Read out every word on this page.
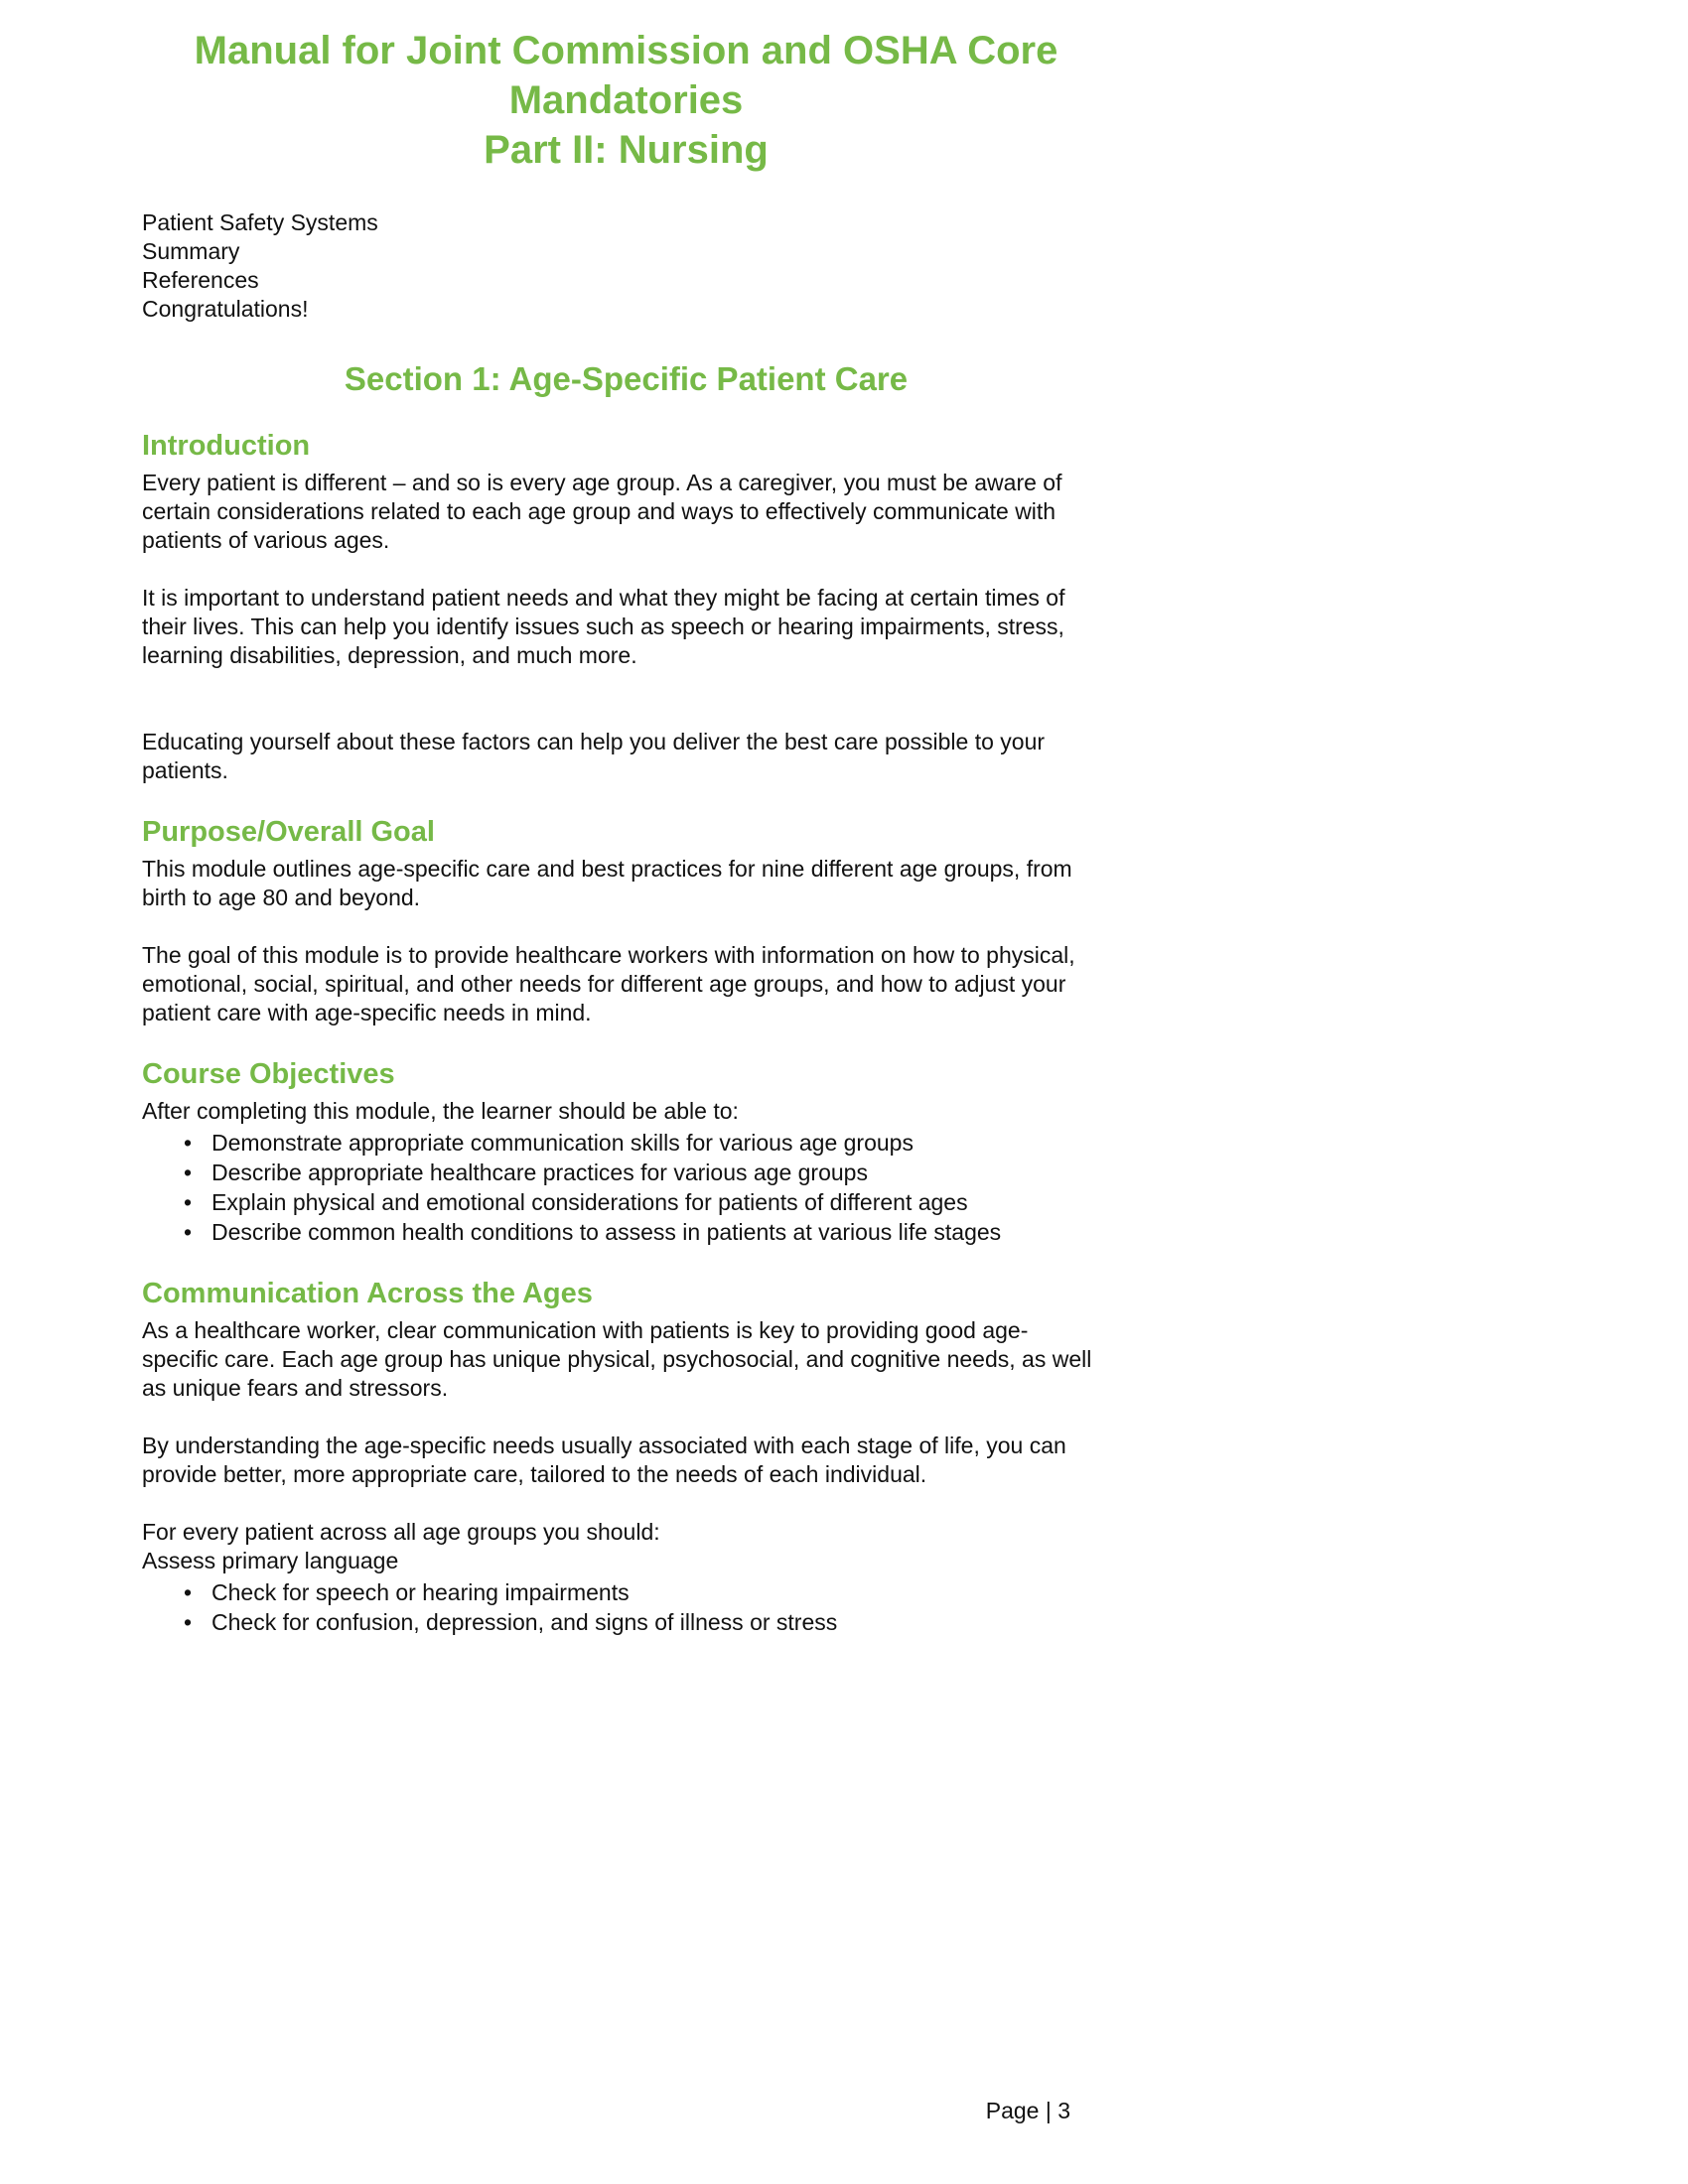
Manual for Joint Commission and OSHA Core Mandatories
Part II: Nursing
Patient Safety Systems
Summary
References
Congratulations!
Section 1: Age-Specific Patient Care
Introduction

Every patient is different – and so is every age group. As a caregiver, you must be aware of certain considerations related to each age group and ways to effectively communicate with patients of various ages.

It is important to understand patient needs and what they might be facing at certain times of their lives. This can help you identify issues such as speech or hearing impairments, stress, learning disabilities, depression, and much more.

Educating yourself about these factors can help you deliver the best care possible to your patients.

Purpose/Overall Goal

This module outlines age-specific care and best practices for nine different age groups, from birth to age 80 and beyond.

The goal of this module is to provide healthcare workers with information on how to physical, emotional, social, spiritual, and other needs for different age groups, and how to adjust your patient care with age-specific needs in mind.

Course Objectives
After completing this module, the learner should be able to:
• Demonstrate appropriate communication skills for various age groups
• Describe appropriate healthcare practices for various age groups
• Explain physical and emotional considerations for patients of different ages
• Describe common health conditions to assess in patients at various life stages
Communication Across the Ages

As a healthcare worker, clear communication with patients is key to providing good age- specific care. Each age group has unique physical, psychosocial, and cognitive needs, as well as unique fears and stressors.

By understanding the age-specific needs usually associated with each stage of life, you can provide better, more appropriate care, tailored to the needs of each individual.

For every patient across all age groups you should:
Assess primary language

• Check for speech or hearing impairments
• Check for confusion, depression, and signs of illness or stress
Page | 3
